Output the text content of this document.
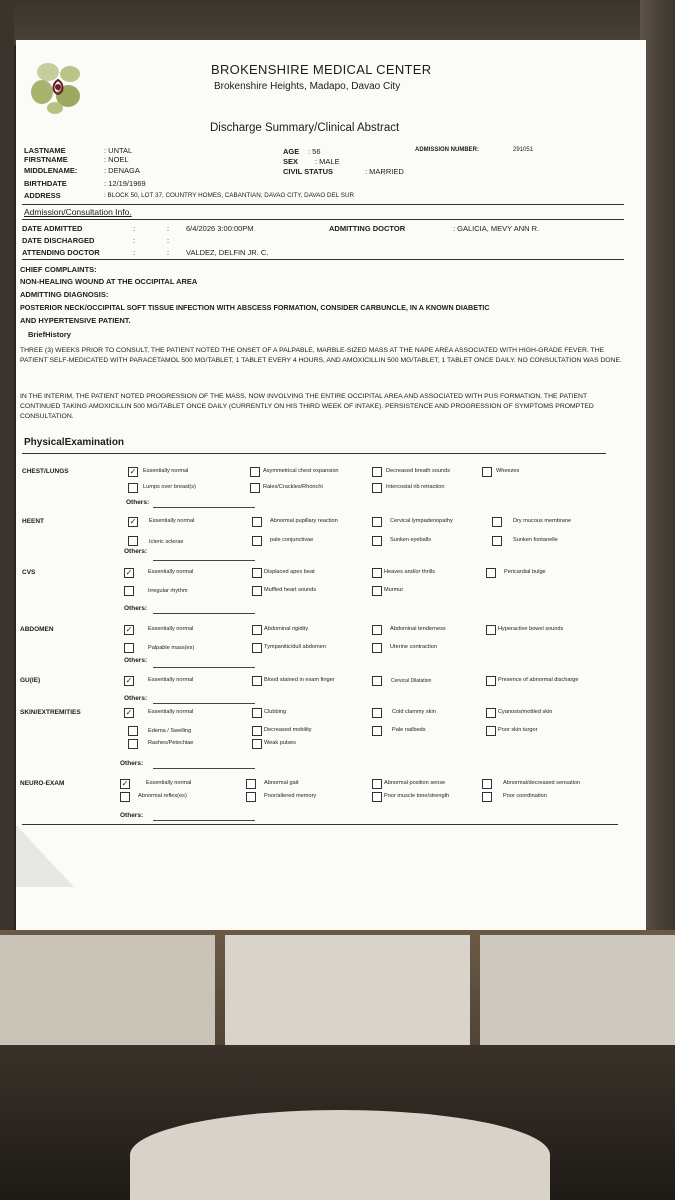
BROKENSHIRE MEDICAL CENTER
Brokenshire Heights, Madapo, Davao City
Discharge Summary/Clinical Abstract
LASTNAME	: UNTAL
FIRSTNAME	: NOEL
MIDDLENAME:	: DENAGA
BIRTHDATE	: 12/19/1969
ADDRESS	: BLOCK 50, LOT 37, COUNTRY HOMES, CABANTIAN, DAVAO CITY, DAVAO DEL SUR
AGE : 56
SEX : MALE
CIVIL STATUS	: MARRIED
ADMISSION NUMBER:	291051
Admission/Consultation Info.
DATE ADMITTED	:	: 6/4/2026 3:00:00PM	ADMITTING DOCTOR	: GALICIA, MEVY ANN R.
DATE DISCHARGED	:	:
ATTENDING DOCTOR	:	: VALDEZ, DELFIN JR. C.
CHIEF COMPLAINTS:
NON-HEALING WOUND AT THE OCCIPITAL AREA
ADMITTING DIAGNOSIS:
POSTERIOR NECK/OCCIPITAL SOFT TISSUE INFECTION WITH ABSCESS FORMATION, CONSIDER CARBUNCLE, IN A KNOWN DIABETIC
AND HYPERTENSIVE PATIENT.
BriefHistory
THREE (3) WEEKS PRIOR TO CONSULT, THE PATIENT NOTED THE ONSET OF A PALPABLE, MARBLE-SIZED MASS AT THE NAPE AREA ASSOCIATED WITH HIGH-GRADE FEVER. THE PATIENT SELF-MEDICATED WITH PARACETAMOL 500 MG/TABLET, 1 TABLET EVERY 4 HOURS, AND AMOXICILLIN 500 MG/TABLET, 1 TABLET ONCE DAILY. NO CONSULTATION WAS DONE.
IN THE INTERIM, THE PATIENT NOTED PROGRESSION OF THE MASS, NOW INVOLVING THE ENTIRE OCCIPITAL AREA AND ASSOCIATED WITH PUS FORMATION. THE PATIENT CONTINUED TAKING AMOXICILLIN 500 MG/TABLET ONCE DAILY (CURRENTLY ON HIS THIRD WEEK OF INTAKE). PERSISTENCE AND PROGRESSION OF SYMPTOMS PROMPTED CONSULTATION.
PhysicalExamination
CHEST/LUNGS	✓ Essentially normal	Asymmetrical chest expansion	Decreased breath sounds	Wheezes
Lumps over breast(s)	Rales/Crackles/Rhonchi	Intercostal rib retraction
Others:
HEENT	✓ Essentially normal	Abnormal pupillary reaction	Cervical lympadenopathy	Dry mucous membrane
Icteric sclerae	pale conjunctivae	Sunken eyeballs	Sunken fontanelle
Others:
CVS	✓	Essentially normal	Displaced apex beat	Heaves and/or thrills	Pericardial bulge
Irregular rhythm	Muffled heart sounds	Murmur
Others:
ABDOMEN	✓	Essentially normal	Abdominal rigidity	Abdominal tenderness	Hyperactive bowel sounds
Palpable mass(es)	Tympanitic/dull abdomen	Uterine contraction
Others:
GU(IE)	✓	Essentially normal	Blood stained in exam finger	Cervical Dilatation	Presence of abnormal discharge
Others:
SKIN/EXTREMITIES	✓	Essentially normal	Clubbing	Cold clammy skin	Cyanosis/mottled skin
Edema / Swelling	Decreased mobility	Pale nailbeds	Poor skin turgor
Rashes/Petechiae	Weak pulses
Others:
NEURO-EXAM	✓	Essentially normal	Abnormal gait	Abnormal position sense	Abnormal/decreased sensation
Abnormal reflex(es)	Poor/altered memory	Poor muscle tone/strength	Poor coordination
Others:
